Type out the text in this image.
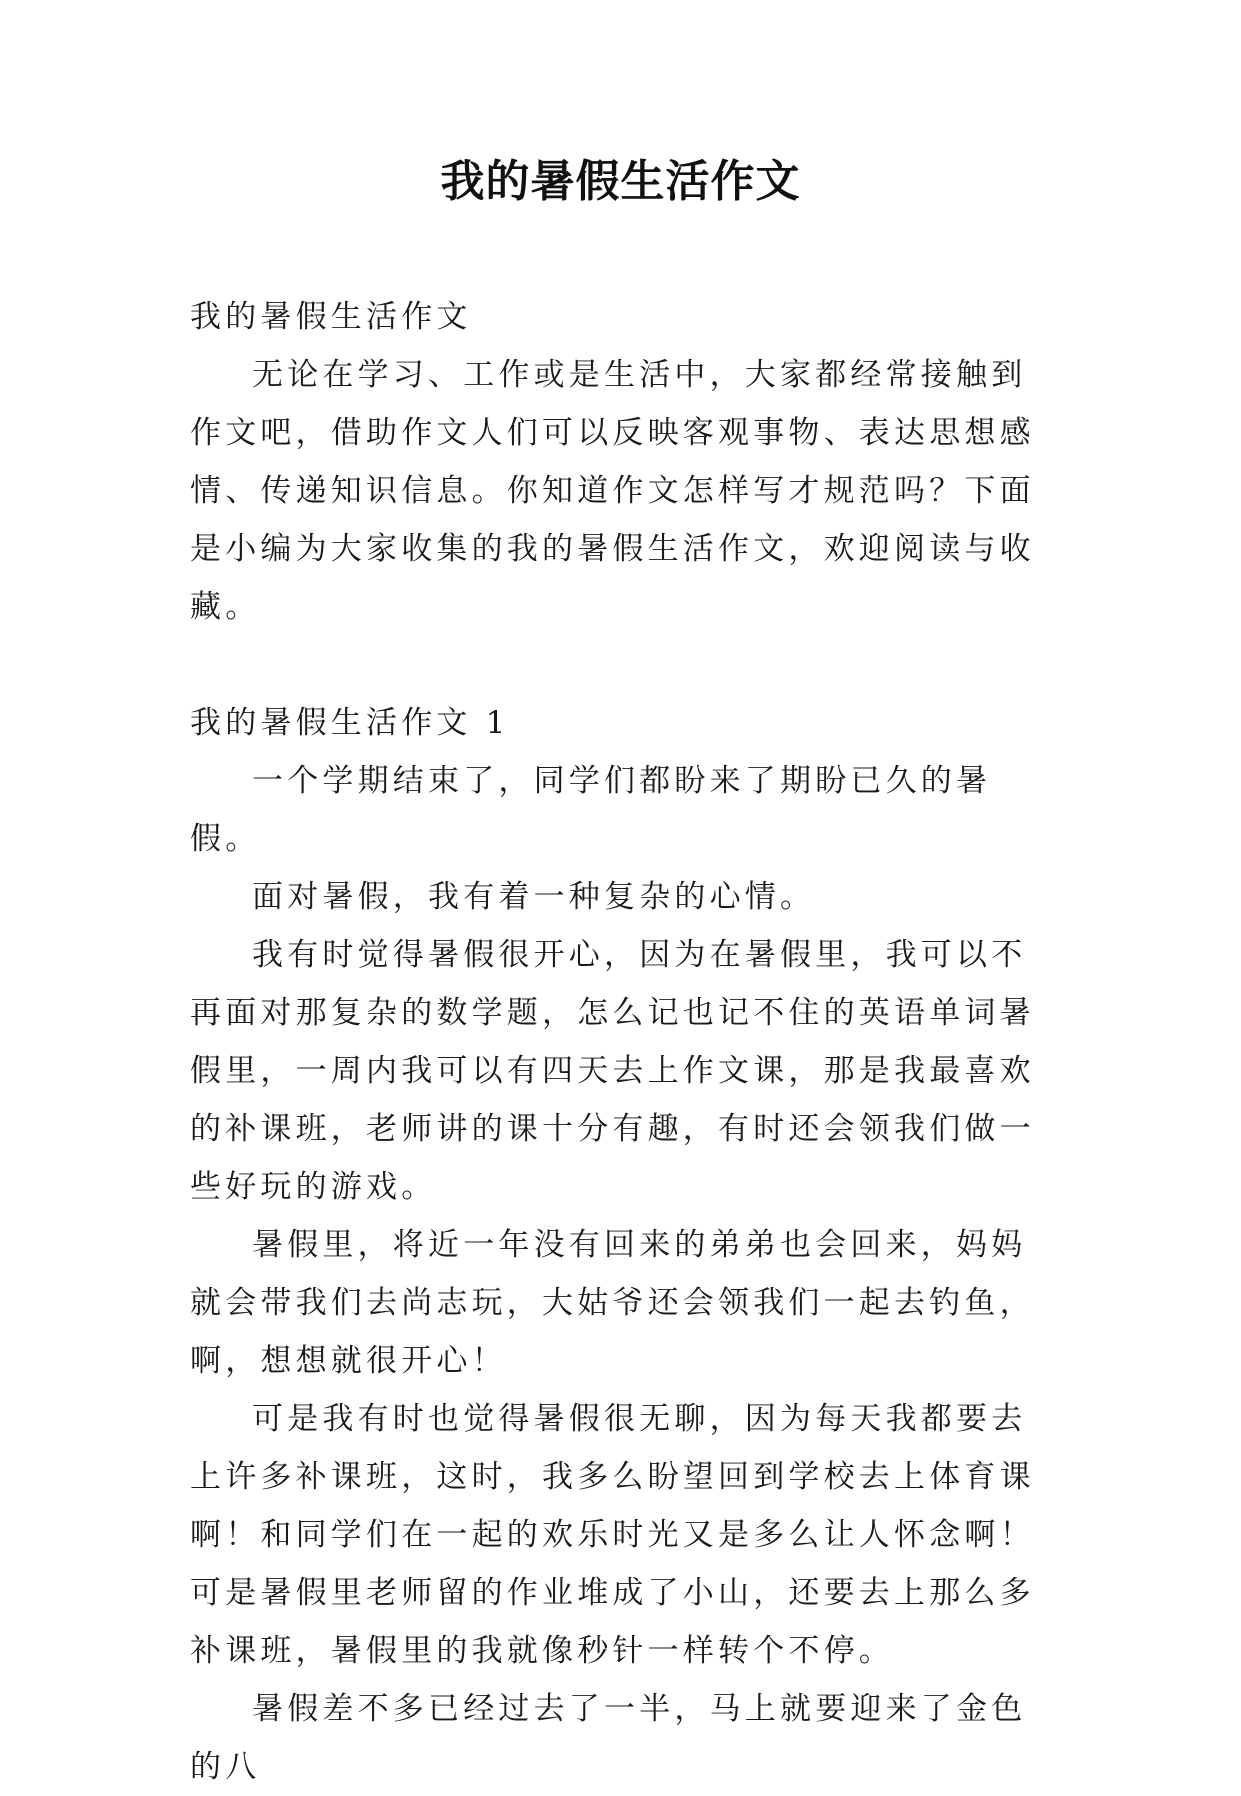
我的暑假生活作文

我的暑假生活作文

无论在学习、工作或是生活中，大家都经常接触到作文吧，借助作文人们可以反映客观事物、表达思想感情、传递知识信息。你知道作文怎样写才规范吗？下面是小编为大家收集的我的暑假生活作文，欢迎阅读与收藏。

我的暑假生活作文 1

一个学期结束了，同学们都盼来了期盼已久的暑假。

面对暑假，我有着一种复杂的心情。

我有时觉得暑假很开心，因为在暑假里，我可以不再面对那复杂的数学题，怎么记也记不住的英语单词暑假里，一周内我可以有四天去上作文课，那是我最喜欢的补课班，老师讲的课十分有趣，有时还会领我们做一些好玩的游戏。

暑假里，将近一年没有回来的弟弟也会回来，妈妈就会带我们去尚志玩，大姑爷还会领我们一起去钓鱼，啊，想想就很开心！

可是我有时也觉得暑假很无聊，因为每天我都要去上许多补课班，这时，我多么盼望回到学校去上体育课啊！和同学们在一起的欢乐时光又是多么让人怀念啊！可是暑假里老师留的作业堆成了小山，还要去上那么多补课班，暑假里的我就像秒针一样转个不停。

暑假差不多已经过去了一半，马上就要迎来了金色的八
